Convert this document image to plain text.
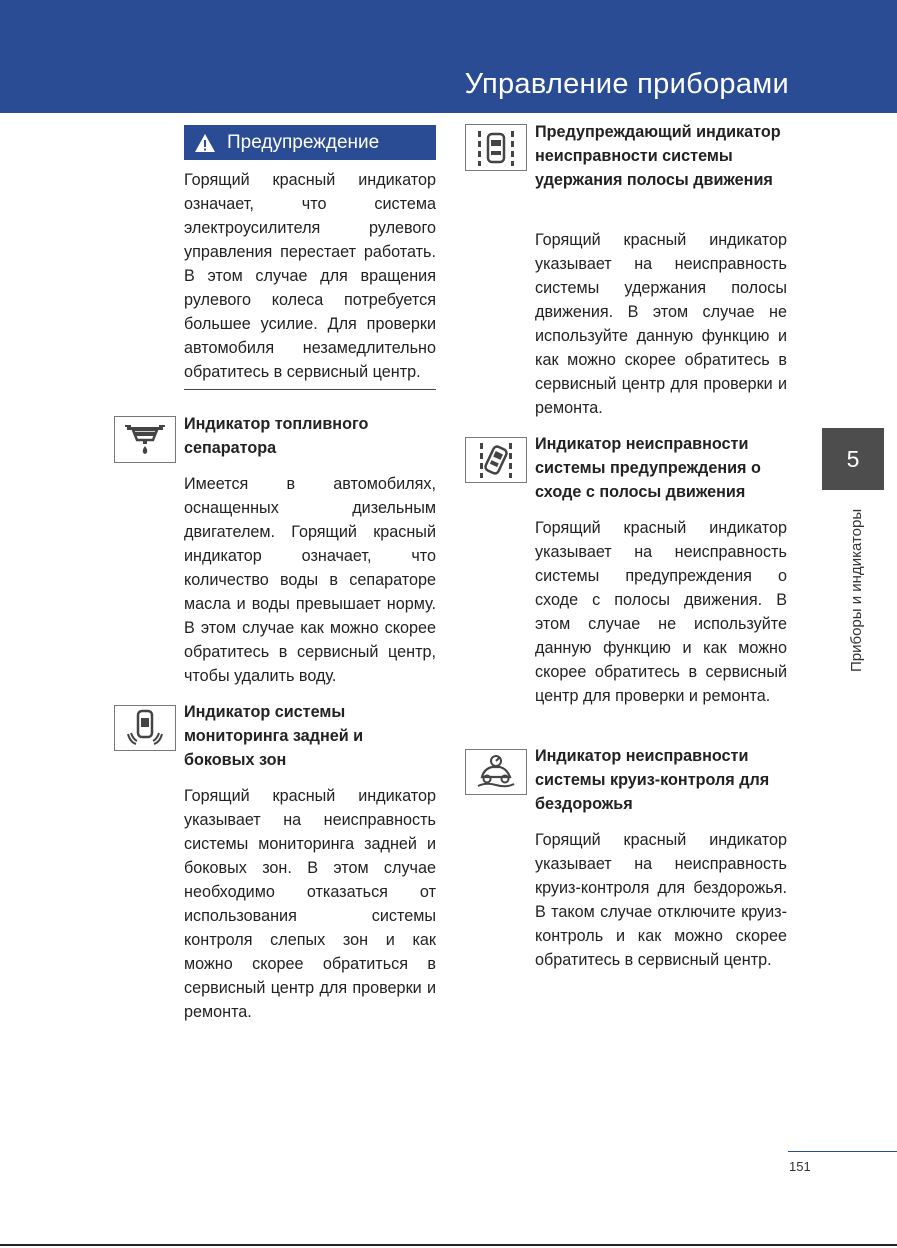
Управление приборами
5
Приборы и индикаторы
Предупреждение
Горящий красный индикатор означает, что система электроусилителя рулевого управления перестает работать. В этом случае для вращения рулевого колеса потребуется большее усилие. Для проверки автомобиля незамедлительно обратитесь в сервисный центр.
Индикатор топливного сепаратора
Имеется в автомобилях, оснащенных дизельным двигателем. Горящий красный индикатор означает, что количество воды в сепараторе масла и воды превышает норму. В этом случае как можно скорее обратитесь в сервисный центр, чтобы удалить воду.
Индикатор системы мониторинга задней и боковых зон
Горящий красный индикатор указывает на неисправность системы мониторинга задней и боковых зон. В этом случае необходимо отказаться от использования системы контроля слепых зон и как можно скорее обратиться в сервисный центр для проверки и ремонта.
Предупреждающий индикатор неисправности системы удержания полосы движения
Горящий красный индикатор указывает на неисправность системы удержания полосы движения. В этом случае не используйте данную функцию и как можно скорее обратитесь в сервисный центр для проверки и ремонта.
Индикатор неисправности системы предупреждения о сходе с полосы движения
Горящий красный индикатор указывает на неисправность системы предупреждения о сходе с полосы движения. В этом случае не используйте данную функцию и как можно скорее обратитесь в сервисный центр для проверки и ремонта.
Индикатор неисправности системы круиз-контроля для бездорожья
Горящий красный индикатор указывает на неисправность круиз-контроля для бездорожья. В таком случае отключите круиз-контроль и как можно скорее обратитесь в сервисный центр.
151
